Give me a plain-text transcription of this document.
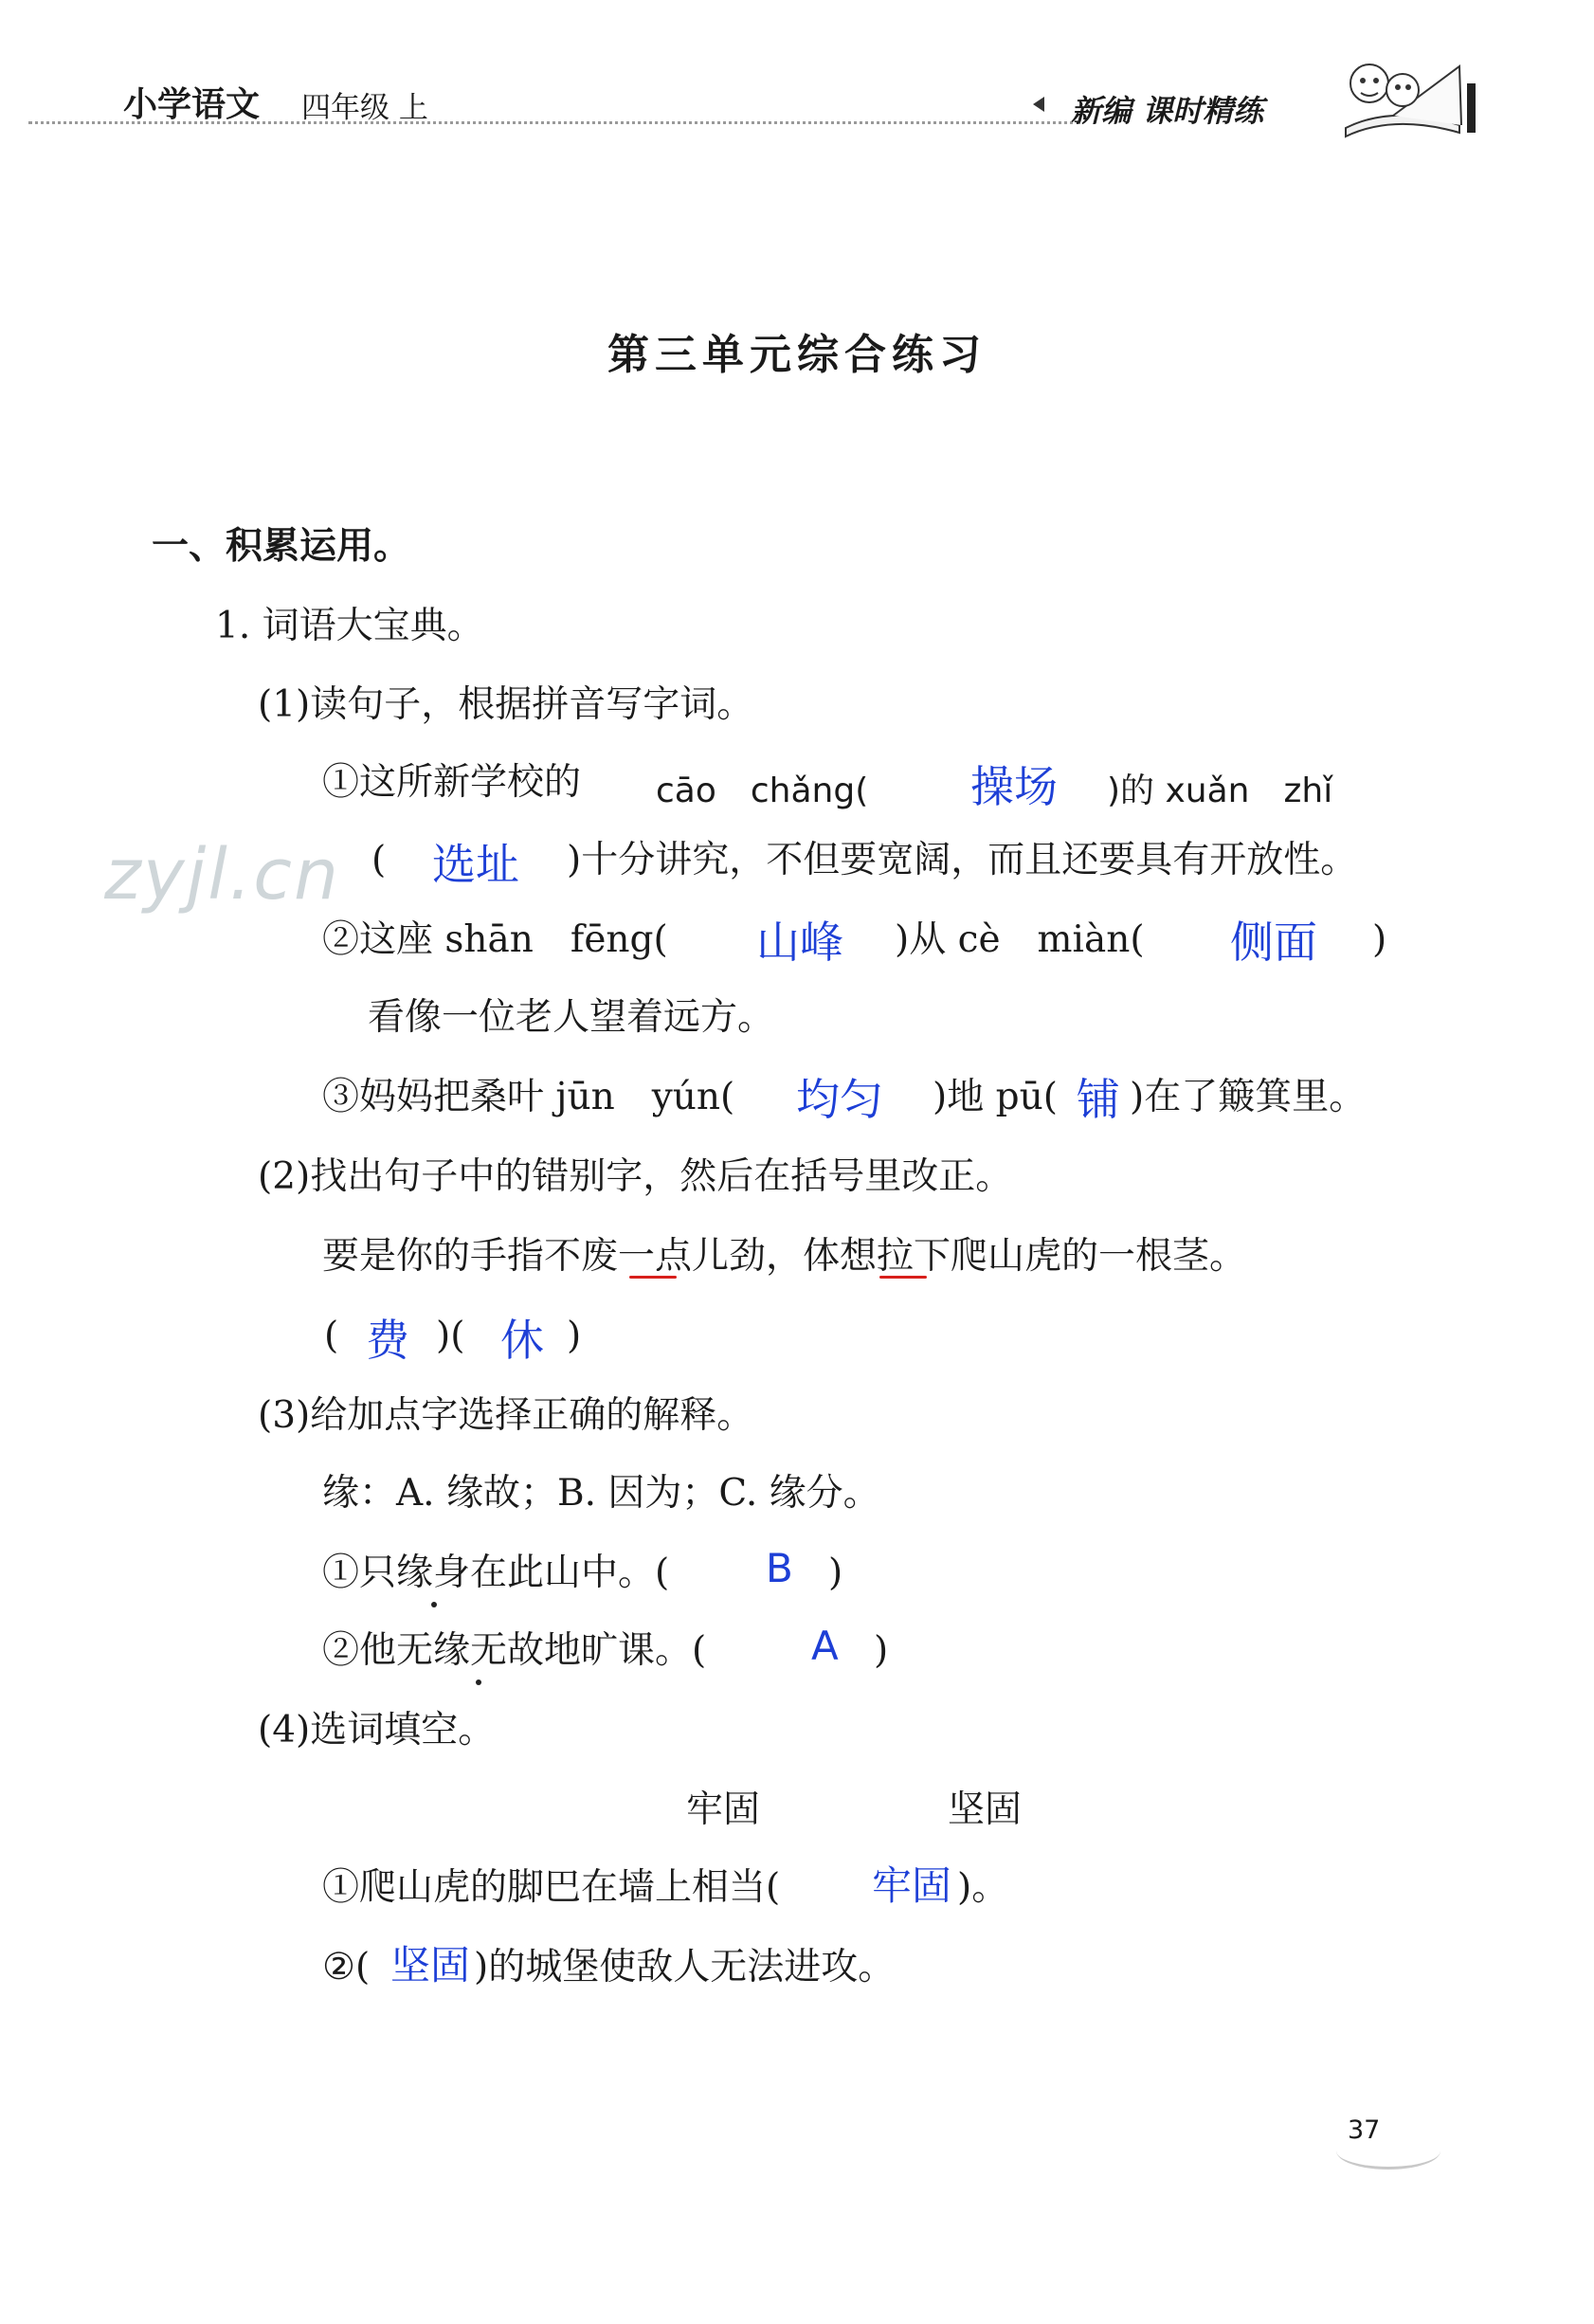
小学语文 四年级 上	新编 课时精练
第三单元综合练习
一、积累运用。
1. 词语大宝典。
(1)读句子，根据拼音写字词。
①这所新学校的 cāo　chǎng( 操场 )的 xuǎn　zhǐ
zyjl.cn ( 选址 )十分讲究，不但要宽阔，而且还要具有开放性。
②这座 shān　fēng( 山峰 )从 cè　miàn( 侧面 )
看像一位老人望着远方。
③妈妈把桑叶 jūn　yún( 均匀 )地 pū( 铺 )在了簸箕里。
(2)找出句子中的错别字，然后在括号里改正。
要是你的手指不废一点儿劲，体想拉下爬山虎的一根茎。
( 费 )( 休 )
(3)给加点字选择正确的解释。
缘：A. 缘故；B. 因为；C. 缘分。
①只缘身在此山中。( B )
②他无缘无故地旷课。(	A )
(4)选词填空。
牢固	坚固
①爬山虎的脚巴在墙上相当( 牢固 )。
②( 坚固 )的城堡使敌人无法进攻。
37
